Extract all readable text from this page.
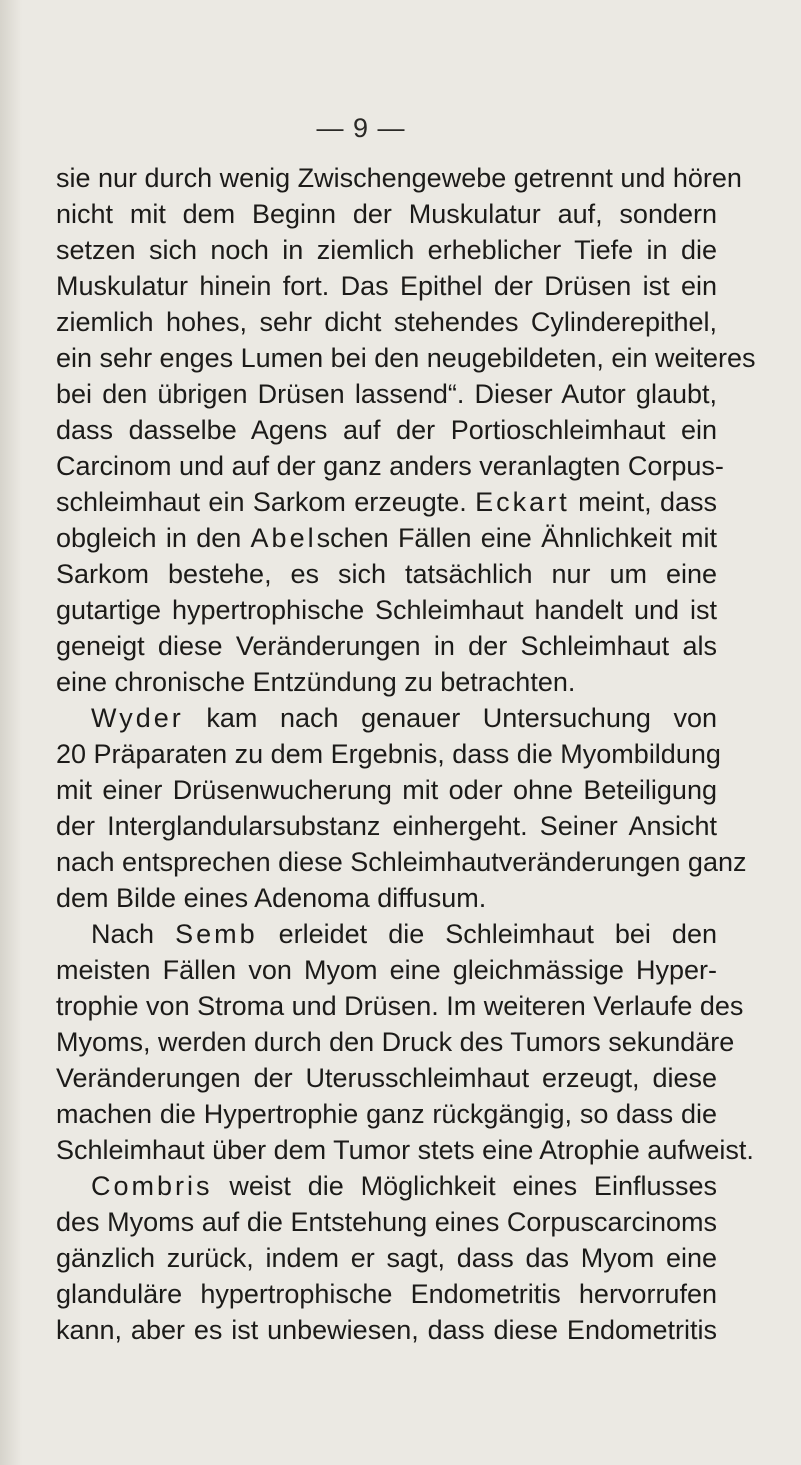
— 9 —
sie nur durch wenig Zwischengewebe getrennt und hören
nicht mit dem Beginn der Muskulatur auf, sondern
setzen sich noch in ziemlich erheblicher Tiefe in die
Muskulatur hinein fort. Das Epithel der Drüsen ist ein
ziemlich hohes, sehr dicht stehendes Cylinderepithel,
ein sehr enges Lumen bei den neugebildeten, ein weiteres
bei den übrigen Drüsen lassend“. Dieser Autor glaubt,
dass dasselbe Agens auf der Portioschleimhaut ein
Carcinom und auf der ganz anders veranlagten Corpus-
schleimhaut ein Sarkom erzeugte. Eckart meint, dass
obgleich in den Abelschen Fällen eine Ähnlichkeit mit
Sarkom bestehe, es sich tatsächlich nur um eine
gutartige hypertrophische Schleimhaut handelt und ist
geneigt diese Veränderungen in der Schleimhaut als
eine chronische Entzündung zu betrachten.
Wyder kam nach genauer Untersuchung von
20 Präparaten zu dem Ergebnis, dass die Myombildung
mit einer Drüsenwucherung mit oder ohne Beteiligung
der Interglandularsubstanz einhergeht. Seiner Ansicht
nach entsprechen diese Schleimhautveränderungen ganz
dem Bilde eines Adenoma diffusum.
Nach Semb erleidet die Schleimhaut bei den
meisten Fällen von Myom eine gleichmässige Hyper-
trophie von Stroma und Drüsen. Im weiteren Verlaufe des
Myoms, werden durch den Druck des Tumors sekundäre
Veränderungen der Uterusschleimhaut erzeugt, diese
machen die Hypertrophie ganz rückgängig, so dass die
Schleimhaut über dem Tumor stets eine Atrophie aufweist.
Combris weist die Möglichkeit eines Einflusses
des Myoms auf die Entstehung eines Corpuscarcinoms
gänzlich zurück, indem er sagt, dass das Myom eine
glanduläre hypertrophische Endometritis hervorrufen
kann, aber es ist unbewiesen, dass diese Endometritis
